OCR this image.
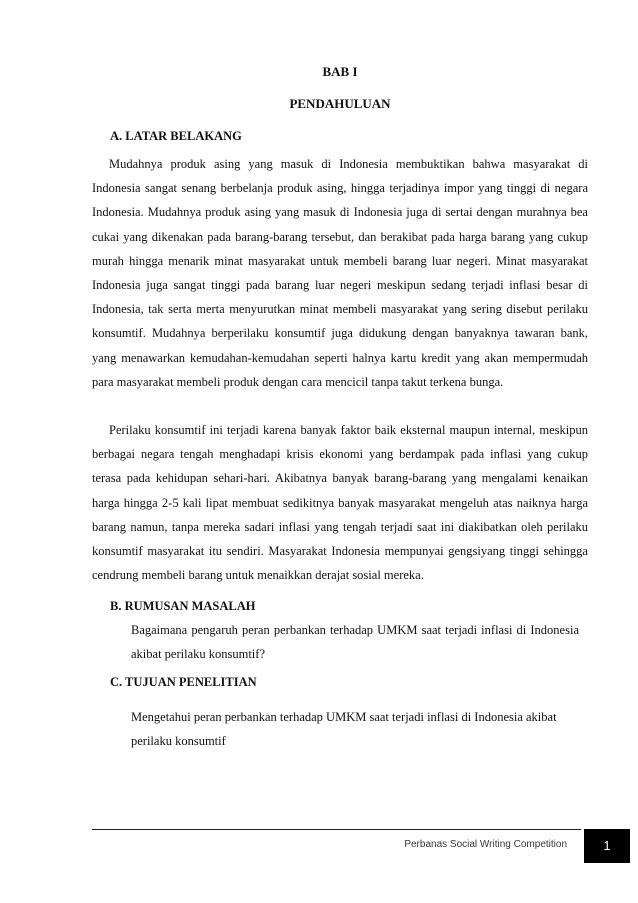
BAB I
PENDAHULUAN
A. LATAR BELAKANG

Mudahnya produk asing yang masuk di Indonesia membuktikan bahwa masyarakat di Indonesia sangat senang berbelanja produk asing, hingga terjadinya impor yang tinggi di negara Indonesia. Mudahnya produk asing yang masuk di Indonesia juga di sertai dengan murahnya bea cukai yang dikenakan pada barang-barang tersebut, dan berakibat pada harga barang yang cukup murah hingga menarik minat masyarakat untuk membeli barang luar negeri. Minat masyarakat Indonesia juga sangat tinggi pada barang luar negeri meskipun sedang terjadi inflasi besar di Indonesia, tak serta merta menyurutkan minat membeli masyarakat yang sering disebut perilaku konsumtif. Mudahnya berperilaku konsumtif juga didukung dengan banyaknya tawaran bank, yang menawarkan kemudahan-kemudahan seperti halnya kartu kredit yang akan mempermudah para masyarakat membeli produk dengan cara mencicil tanpa takut terkena bunga.

Perilaku konsumtif ini terjadi karena banyak faktor baik eksternal maupun internal, meskipun berbagai negara tengah menghadapi krisis ekonomi yang berdampak pada inflasi yang cukup terasa pada kehidupan sehari-hari. Akibatnya banyak barang-barang yang mengalami kenaikan harga hingga 2-5 kali lipat membuat sedikitnya banyak masyarakat mengeluh atas naiknya harga barang namun, tanpa mereka sadari inflasi yang tengah terjadi saat ini diakibatkan oleh perilaku konsumtif masyarakat itu sendiri. Masyarakat Indonesia mempunyai gengsiyang tinggi sehingga cendrung membeli barang untuk menaikkan derajat sosial mereka.

B. RUMUSAN MASALAH

Bagaimana pengaruh peran perbankan terhadap UMKM saat terjadi inflasi di Indonesia akibat perilaku konsumtif?

C. TUJUAN PENELITIAN

Mengetahui peran perbankan terhadap UMKM saat terjadi inflasi di Indonesia akibat perilaku konsumtif

Perbanas Social Writing Competition	1
